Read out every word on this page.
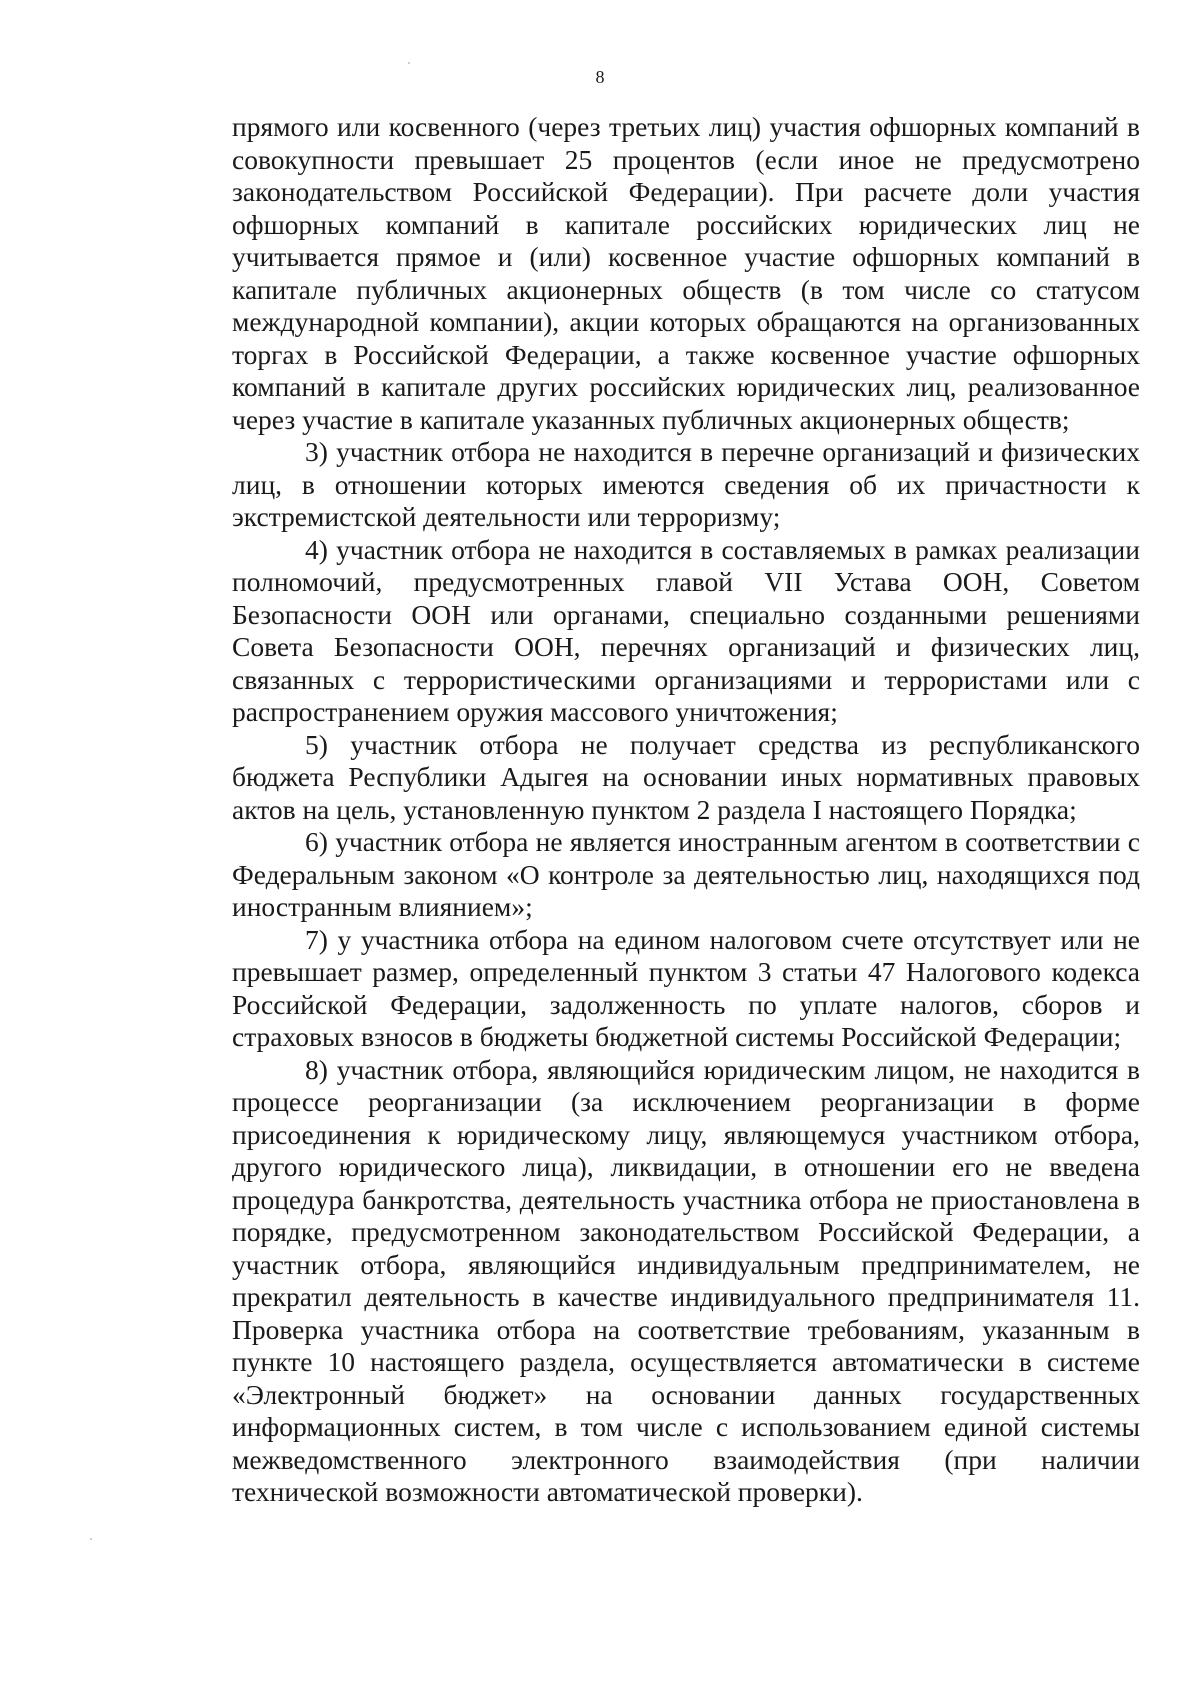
8

прямого или косвенного (через третьих лиц) участия офшорных компаний в совокупности превышает 25 процентов (если иное не предусмотрено законодательством Российской Федерации). При расчете доли участия офшорных компаний в капитале российских юридических лиц не учитывается прямое и (или) косвенное участие офшорных компаний в капитале публичных акционерных обществ (в том числе со статусом международной компании), акции которых обращаются на организованных торгах в Российской Федерации, а также косвенное участие офшорных компаний в капитале других российских юридических лиц, реализованное через участие в капитале указанных публичных акционерных обществ;

3) участник отбора не находится в перечне организаций и физических лиц, в отношении которых имеются сведения об их причастности к экстремистской деятельности или терроризму;

4) участник отбора не находится в составляемых в рамках реализации полномочий, предусмотренных главой VII Устава ООН, Советом Безопасности ООН или органами, специально созданными решениями Совета Безопасности ООН, перечнях организаций и физических лиц, связанных с террористическими организациями и террористами или с распространением оружия массового уничтожения;

5) участник отбора не получает средства из республиканского бюджета Республики Адыгея на основании иных нормативных правовых актов на цель, установленную пунктом 2 раздела I настоящего Порядка;

6) участник отбора не является иностранным агентом в соответствии с Федеральным законом «О контроле за деятельностью лиц, находящихся под иностранным влиянием»;

7) у участника отбора на едином налоговом счете отсутствует или не превышает размер, определенный пунктом 3 статьи 47 Налогового кодекса Российской Федерации, задолженность по уплате налогов, сборов и страховых взносов в бюджеты бюджетной системы Российской Федерации;

8) участник отбора, являющийся юридическим лицом, не находится в процессе реорганизации (за исключением реорганизации в форме присоединения к юридическому лицу, являющемуся участником отбора, другого юридического лица), ликвидации, в отношении его не введена процедура банкротства, деятельность участника отбора не приостановлена в порядке, предусмотренном законодательством Российской Федерации, а участник отбора, являющийся индивидуальным предпринимателем, не прекратил деятельность в качестве индивидуального предпринимателя 11. Проверка участника отбора на соответствие требованиям, указанным в пункте 10 настоящего раздела, осуществляется автоматически в системе «Электронный бюджет» на основании данных государственных информационных систем, в том числе с использованием единой системы межведомственного электронного взаимодействия (при наличии технической возможности автоматической проверки).
